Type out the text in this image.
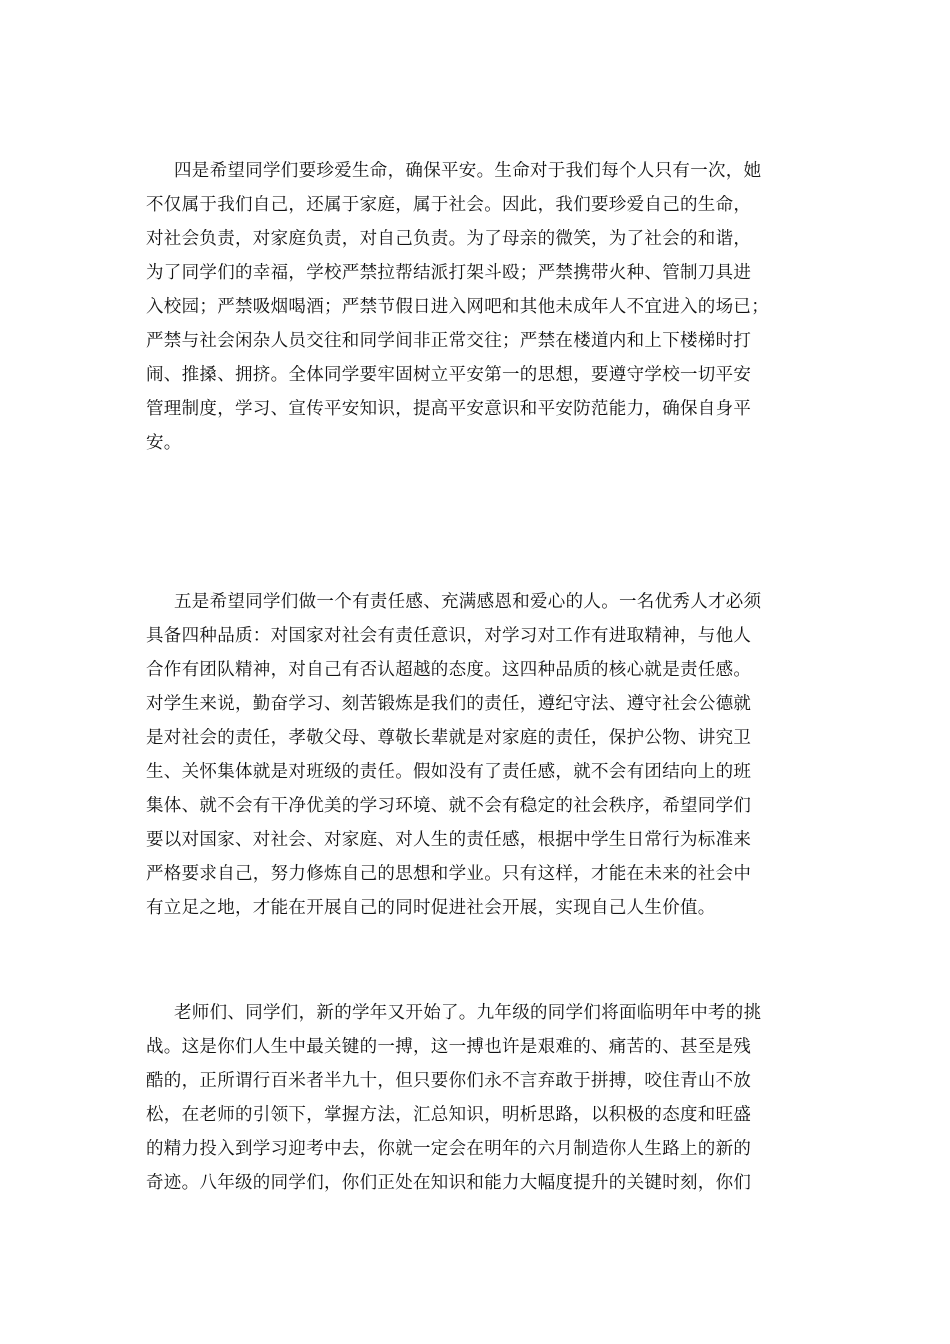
四是希望同学们要珍爱生命，确保平安。生命对于我们每个人只有一次，她
不仅属于我们自己，还属于家庭，属于社会。因此，我们要珍爱自己的生命，
对社会负责，对家庭负责，对自己负责。为了母亲的微笑，为了社会的和谐，
为了同学们的幸福，学校严禁拉帮结派打架斗殴；严禁携带火种、管制刀具进
入校园；严禁吸烟喝酒；严禁节假日进入网吧和其他未成年人不宜进入的场已；
严禁与社会闲杂人员交往和同学间非正常交往；严禁在楼道内和上下楼梯时打
闹、推搡、拥挤。全体同学要牢固树立平安第一的思想，要遵守学校一切平安
管理制度，学习、宣传平安知识，提高平安意识和平安防范能力，确保自身平
安。
五是希望同学们做一个有责任感、充满感恩和爱心的人。一名优秀人才必须
具备四种品质：对国家对社会有责任意识，对学习对工作有进取精神，与他人
合作有团队精神，对自己有否认超越的态度。这四种品质的核心就是责任感。
对学生来说，勤奋学习、刻苦锻炼是我们的责任，遵纪守法、遵守社会公德就
是对社会的责任，孝敬父母、尊敬长辈就是对家庭的责任，保护公物、讲究卫
生、关怀集体就是对班级的责任。假如没有了责任感，就不会有团结向上的班
集体、就不会有干净优美的学习环境、就不会有稳定的社会秩序，希望同学们
要以对国家、对社会、对家庭、对人生的责任感，根据中学生日常行为标准来
严格要求自己，努力修炼自己的思想和学业。只有这样，才能在未来的社会中
有立足之地，才能在开展自己的同时促进社会开展，实现自己人生价值。
老师们、同学们，新的学年又开始了。九年级的同学们将面临明年中考的挑
战。这是你们人生中最关键的一搏，这一搏也许是艰难的、痛苦的、甚至是残
酷的，正所谓行百米者半九十，但只要你们永不言弃敢于拼搏，咬住青山不放
松，在老师的引领下，掌握方法，汇总知识，明析思路，以积极的态度和旺盛
的精力投入到学习迎考中去，你就一定会在明年的六月制造你人生路上的新的
奇迹。八年级的同学们，你们正处在知识和能力大幅度提升的关键时刻，你们
